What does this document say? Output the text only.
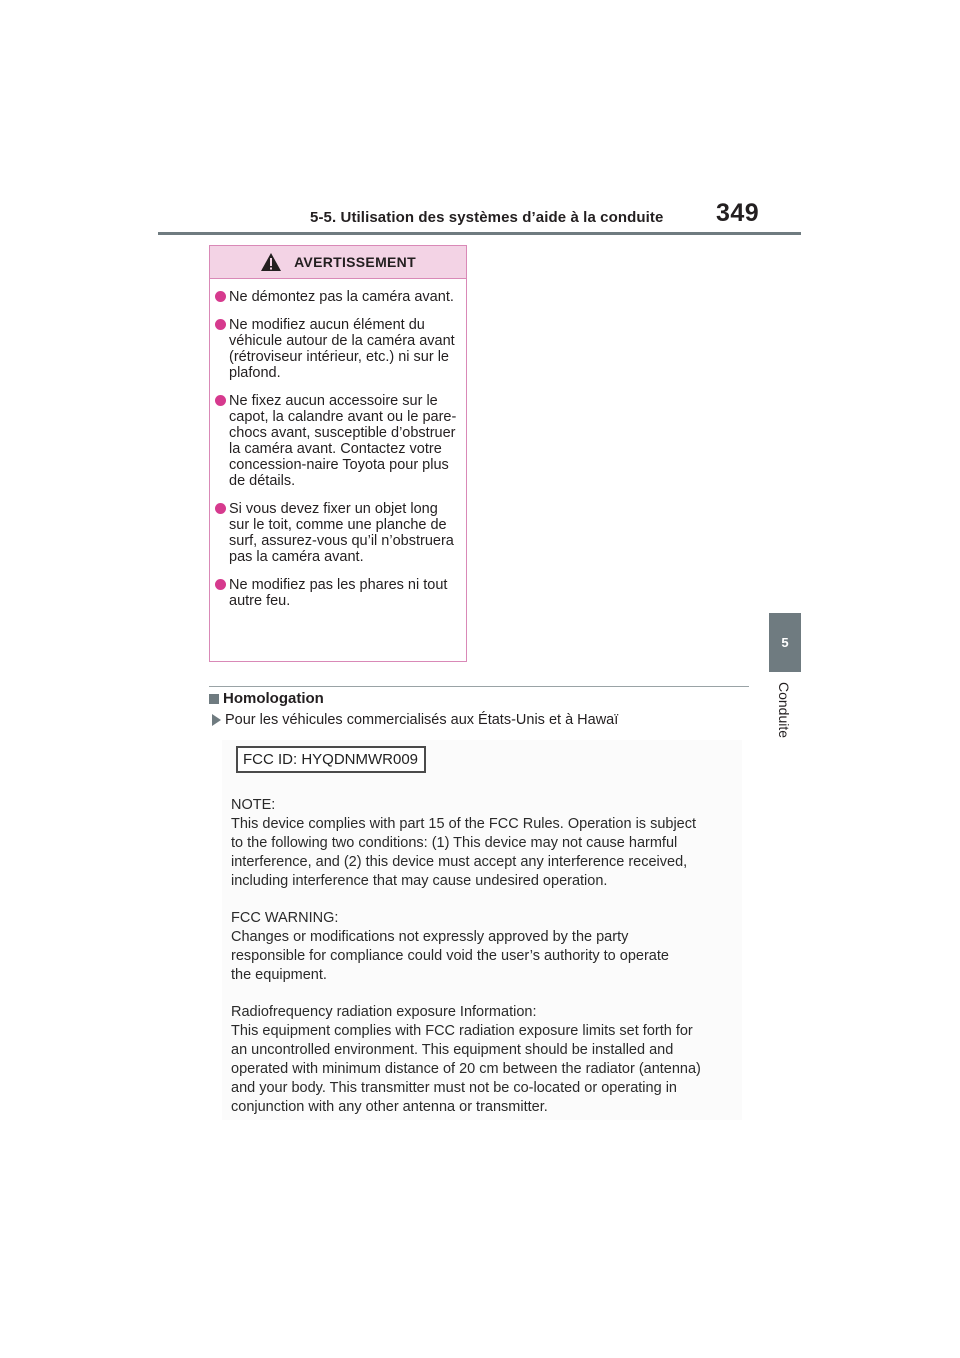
5-5. Utilisation des systèmes d’aide à la conduite 349
5
Conduite
AVERTISSEMENT
Ne démontez pas la caméra avant.
Ne modifiez aucun élément du véhicule autour de la caméra avant (rétroviseur intérieur, etc.) ni sur le plafond.
Ne fixez aucun accessoire sur le capot, la calandre avant ou le pare-chocs avant, susceptible d’obstruer la caméra avant. Contactez votre concession-naire Toyota pour plus de détails.
Si vous devez fixer un objet long sur le toit, comme une planche de surf, assurez-vous qu’il n’obstruera pas la caméra avant.
Ne modifiez pas les phares ni tout autre feu.
Homologation
Pour les véhicules commercialisés aux États-Unis et à Hawaï
FCC ID: HYQDNMWR009
NOTE:
This device complies with part 15 of the FCC Rules. Operation is subject
to the following two conditions: (1) This device may not cause harmful
interference, and (2) this device must accept any interference received,
including interference that may cause undesired operation.
FCC WARNING:
Changes or modifications not expressly approved by the party
responsible for compliance could void the user’s authority to operate
the equipment.
Radiofrequency radiation exposure Information:
This equipment complies with FCC radiation exposure limits set forth for
an uncontrolled environment. This equipment should be installed and
operated with minimum distance of 20 cm between the radiator (antenna)
and your body. This transmitter must not be co-located or operating in
conjunction with any other antenna or transmitter.
